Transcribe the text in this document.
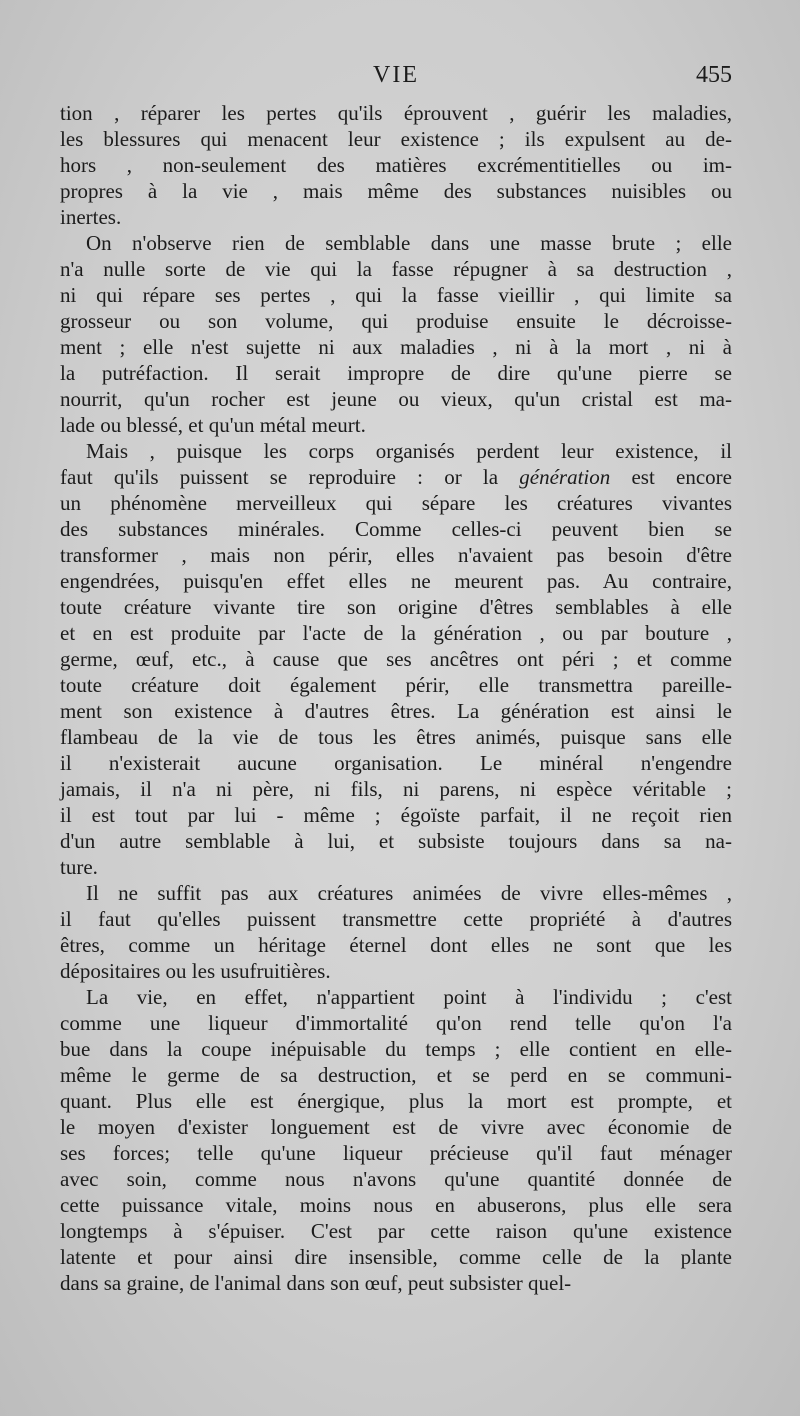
VIE	455
tion , réparer les pertes qu'ils éprouvent , guérir les maladies,
les blessures qui menacent leur existence ; ils expulsent au de-
hors , non-seulement des matières excrémentitielles ou im-
propres à la vie , mais même des substances nuisibles ou
inertes.
On n'observe rien de semblable dans une masse brute ; elle
n'a nulle sorte de vie qui la fasse répugner à sa destruction ,
ni qui répare ses pertes , qui la fasse vieillir , qui limite sa
grosseur ou son volume, qui produise ensuite le décroisse-
ment ; elle n'est sujette ni aux maladies , ni à la mort , ni à
la putréfaction. Il serait impropre de dire qu'une pierre se
nourrit, qu'un rocher est jeune ou vieux, qu'un cristal est ma-
lade ou blessé, et qu'un métal meurt.
Mais , puisque les corps organisés perdent leur existence, il
faut qu'ils puissent se reproduire : or la génération est encore
un phénomène merveilleux qui sépare les créatures vivantes
des substances minérales. Comme celles-ci peuvent bien se
transformer , mais non périr, elles n'avaient pas besoin d'être
engendrées, puisqu'en effet elles ne meurent pas. Au contraire,
toute créature vivante tire son origine d'êtres semblables à elle
et en est produite par l'acte de la génération , ou par bouture ,
germe, œuf, etc., à cause que ses ancêtres ont péri ; et comme
toute créature doit également périr, elle transmettra pareille-
ment son existence à d'autres êtres. La génération est ainsi le
flambeau de la vie de tous les êtres animés, puisque sans elle
il n'existerait aucune organisation. Le minéral n'engendre
jamais, il n'a ni père, ni fils, ni parens, ni espèce véritable ;
il est tout par lui - même ; égoïste parfait, il ne reçoit rien
d'un autre semblable à lui, et subsiste toujours dans sa na-
ture.
Il ne suffit pas aux créatures animées de vivre elles-mêmes ,
il faut qu'elles puissent transmettre cette propriété à d'autres
êtres, comme un héritage éternel dont elles ne sont que les
dépositaires ou les usufruitières.
La vie, en effet, n'appartient point à l'individu ; c'est
comme une liqueur d'immortalité qu'on rend telle qu'on l'a
bue dans la coupe inépuisable du temps ; elle contient en elle-
même le germe de sa destruction, et se perd en se communi-
quant. Plus elle est énergique, plus la mort est prompte, et
le moyen d'exister longuement est de vivre avec économie de
ses forces; telle qu'une liqueur précieuse qu'il faut ménager
avec soin, comme nous n'avons qu'une quantité donnée de
cette puissance vitale, moins nous en abuserons, plus elle sera
longtemps à s'épuiser. C'est par cette raison qu'une existence
latente et pour ainsi dire insensible, comme celle de la plante
dans sa graine, de l'animal dans son œuf, peut subsister quel-
